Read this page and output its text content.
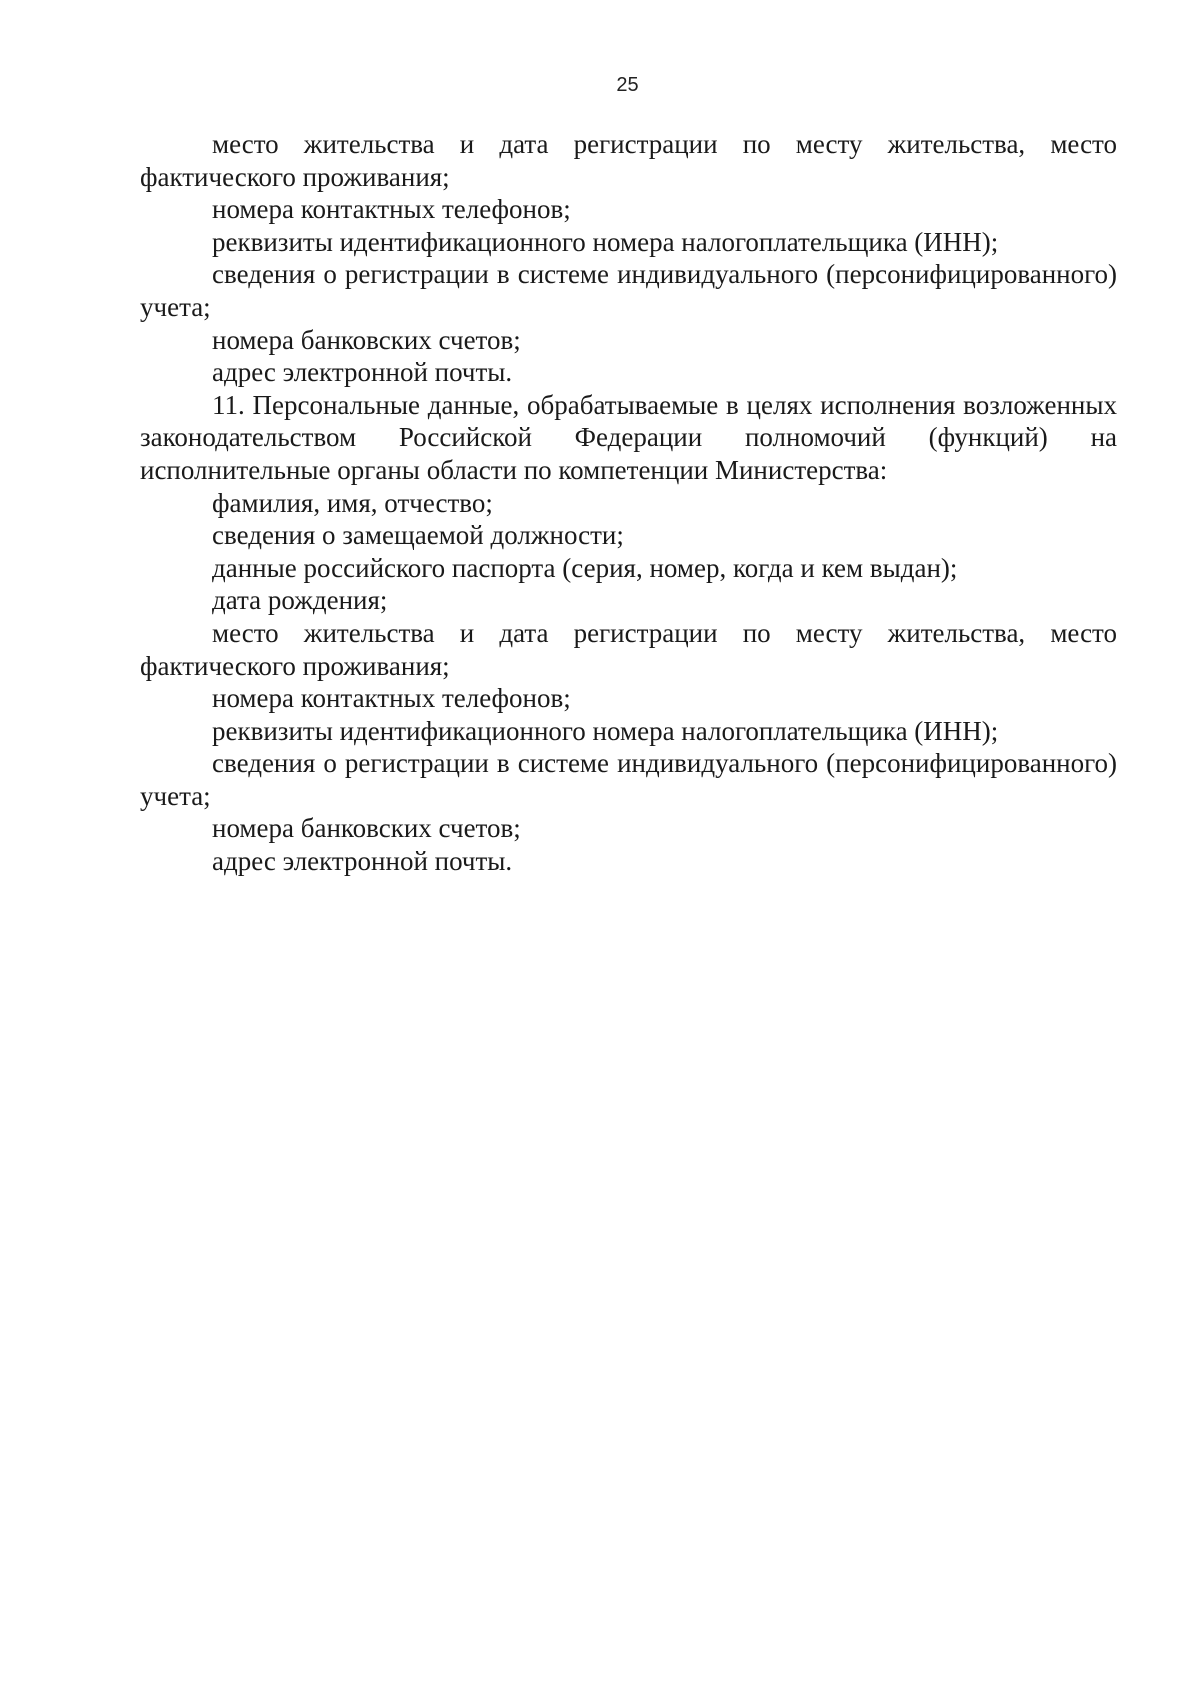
25

место жительства и дата регистрации по месту жительства, место фактического проживания;

номера контактных телефонов;

реквизиты идентификационного номера налогоплательщика (ИНН);

сведения о регистрации в системе индивидуального (персонифицированного) учета;

номера банковских счетов;

адрес электронной почты.

11. Персональные данные, обрабатываемые в целях исполнения возложенных законодательством Российской Федерации полномочий (функций) на исполнительные органы области по компетенции Министерства:

фамилия, имя, отчество;

сведения о замещаемой должности;

данные российского паспорта (серия, номер, когда и кем выдан);

дата рождения;

место жительства и дата регистрации по месту жительства, место фактического проживания;

номера контактных телефонов;

реквизиты идентификационного номера налогоплательщика (ИНН);

сведения о регистрации в системе индивидуального (персонифицированного) учета;

номера банковских счетов;

адрес электронной почты.
